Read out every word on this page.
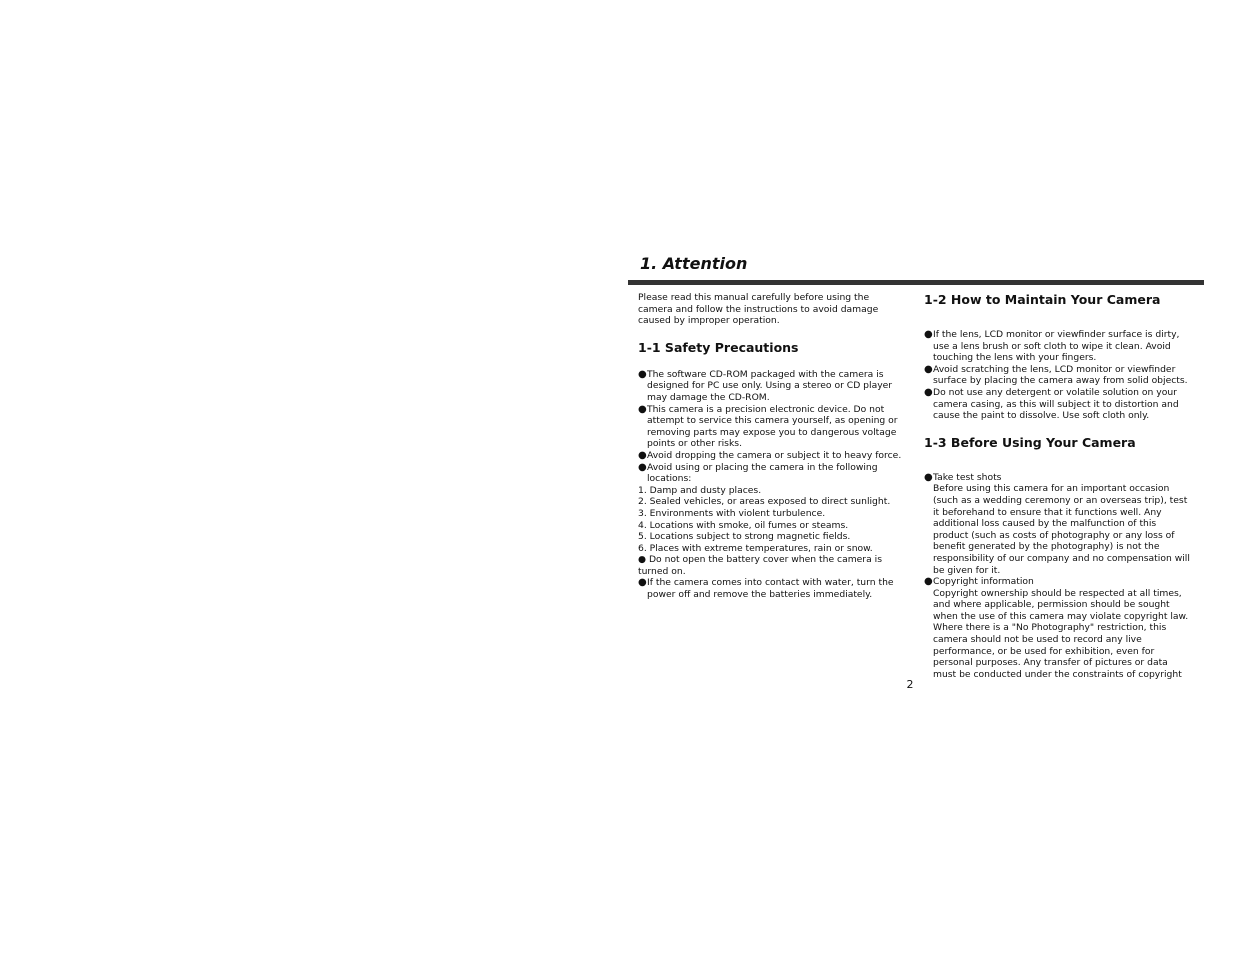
1. Attention

Please read this manual carefully before using the camera and follow the instructions to avoid damage caused by improper operation.

1-1 Safety Precautions
● The software CD-ROM packaged with the camera is designed for PC use only. Using a stereo or CD player may damage the CD-ROM.
● This camera is a precision electronic device. Do not attempt to service this camera yourself, as opening or removing parts may expose you to dangerous voltage points or other risks.
● Avoid dropping the camera or subject it to heavy force.
● Avoid using or placing the camera in the following locations:

1. Damp and dusty places.

2. Sealed vehicles, or areas exposed to direct sunlight.

3. Environments with violent turbulence.

4. Locations with smoke, oil fumes or steams.

5. Locations subject to strong magnetic fields.

6. Places with extreme temperatures, rain or snow.

● Do not open the battery cover when the camera is turned on.

● If the camera comes into contact with water, turn the power off and remove the batteries immediately.
1-2 How to Maintain Your Camera
● If the lens, LCD monitor or viewfinder surface is dirty, use a lens brush or soft cloth to wipe it clean. Avoid touching the lens with your fingers.
● Avoid scratching the lens, LCD monitor or viewfinder surface by placing the camera away from solid objects.
● Do not use any detergent or volatile solution on your camera casing, as this will subject it to distortion and cause the paint to dissolve. Use soft cloth only.
1-3 Before Using Your Camera
● Take test shots

Before using this camera for an important occasion (such as a wedding ceremony or an overseas trip), test it beforehand to ensure that it functions well. Any additional loss caused by the malfunction of this product (such as costs of photography or any loss of benefit generated by the photography) is not the responsibility of our company and no compensation will be given for it.

● Copyright information

Copyright ownership should be respected at all times, and where applicable, permission should be sought when the use of this camera may violate copyright law. Where there is a "No Photography" restriction, this camera should not be used to record any live performance, or be used for exhibition, even for personal purposes. Any transfer of pictures or data must be conducted under the constraints of copyright

2
